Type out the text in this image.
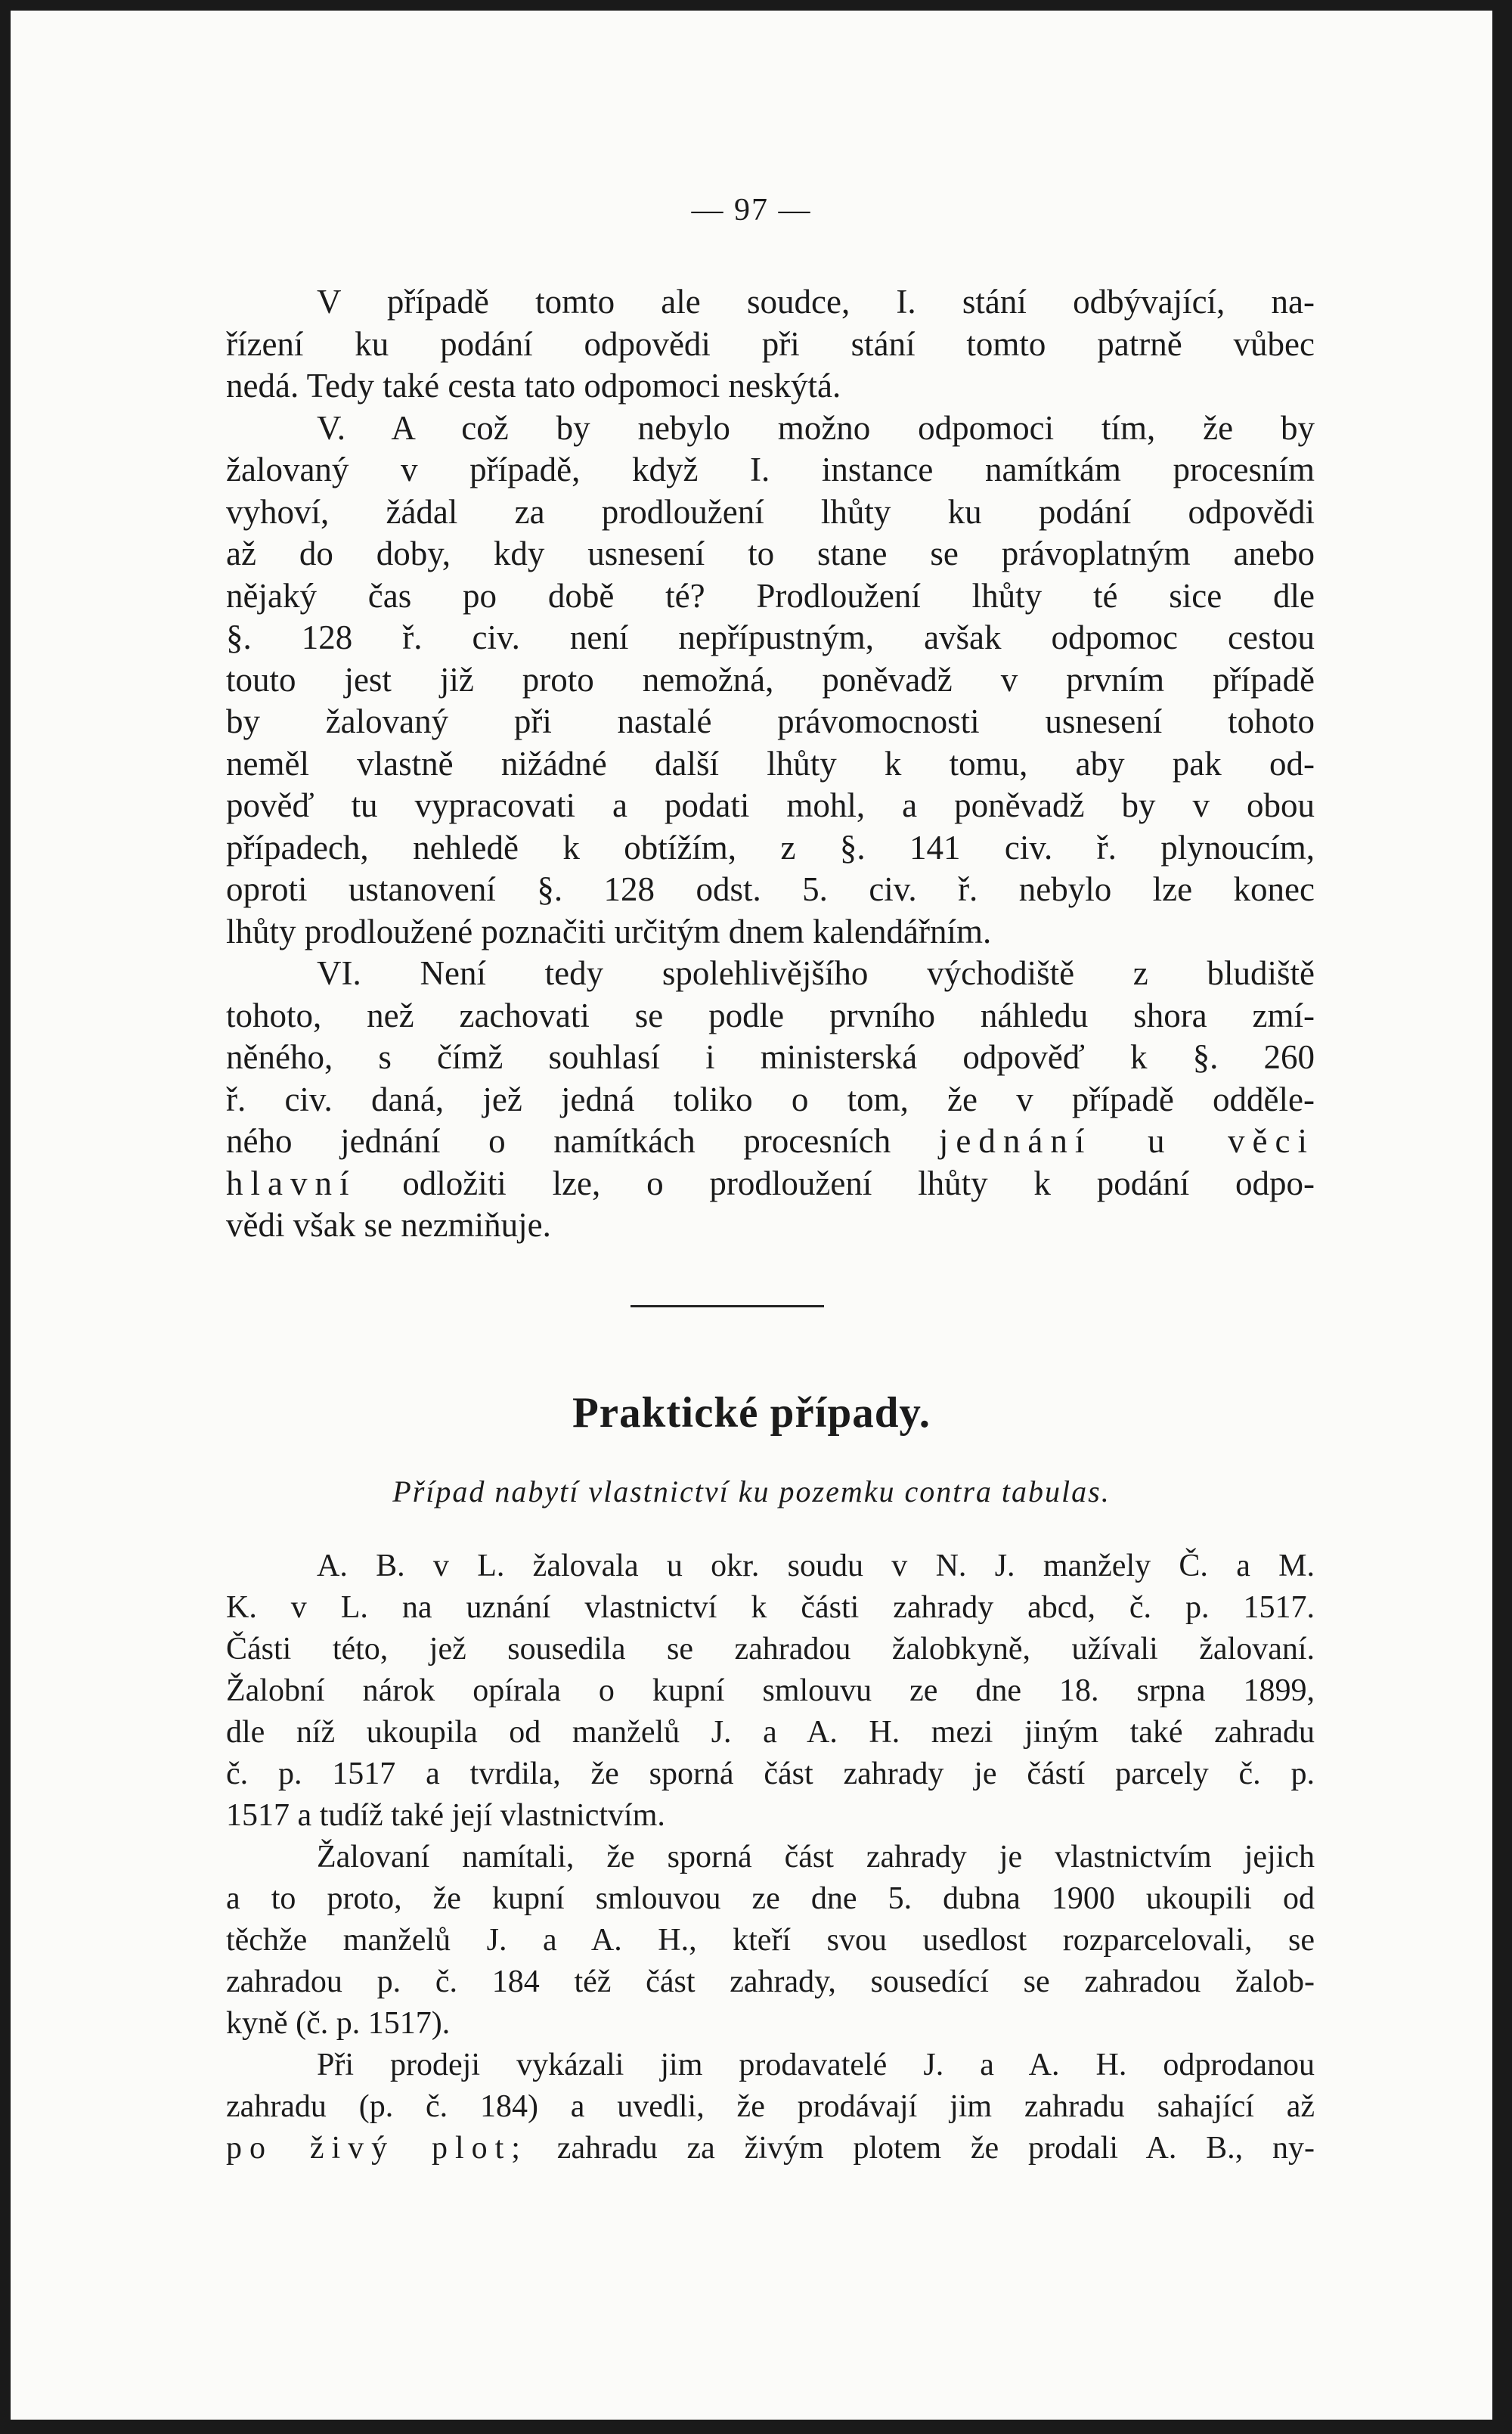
— 97 —
V případě tomto ale soudce, I. stání odbývající, na-
řízení ku podání odpovědi při stání tomto patrně vůbec
nedá. Tedy také cesta tato odpomoci neskýtá.
V. A což by nebylo možno odpomoci tím, že by
žalovaný v případě, když I. instance namítkám procesním
vyhoví, žádal za prodloužení lhůty ku podání odpovědi
až do doby, kdy usnesení to stane se právoplatným anebo
nějaký čas po době té? Prodloužení lhůty té sice dle
§. 128 ř. civ. není nepřípustným, avšak odpomoc cestou
touto jest již proto nemožná, poněvadž v prvním případě
by žalovaný při nastalé právomocnosti usnesení tohoto
neměl vlastně nižádné další lhůty k tomu, aby pak od-
pověď tu vypracovati a podati mohl, a poněvadž by v obou
případech, nehledě k obtížím, z §. 141 civ. ř. plynoucím,
oproti ustanovení §. 128 odst. 5. civ. ř. nebylo lze konec
lhůty prodloužené poznačiti určitým dnem kalendářním.
VI. Není tedy spolehlivějšího východiště z bludiště
tohoto, než zachovati se podle prvního náhledu shora zmí-
něného, s čímž souhlasí i ministerská odpověď k §. 260
ř. civ. daná, jež jedná toliko o tom, že v případě odděle-
ného jednání o namítkách procesních jednání u věci
hlavní odložiti lze, o prodloužení lhůty k podání odpo-
vědi však se nezmiňuje.
Praktické případy.
Případ nabytí vlastnictví ku pozemku contra tabulas.
A. B. v L. žalovala u okr. soudu v N. J. manžely Č. a M.
K. v L. na uznání vlastnictví k části zahrady abcd, č. p. 1517.
Části této, jež sousedila se zahradou žalobkyně, užívali žalovaní.
Žalobní nárok opírala o kupní smlouvu ze dne 18. srpna 1899,
dle níž ukoupila od manželů J. a A. H. mezi jiným také zahradu
č. p. 1517 a tvrdila, že sporná část zahrady je částí parcely č. p.
1517 a tudíž také její vlastnictvím.
Žalovaní namítali, že sporná část zahrady je vlastnictvím jejich
a to proto, že kupní smlouvou ze dne 5. dubna 1900 ukoupili od
těchže manželů J. a A. H., kteří svou usedlost rozparcelovali, se
zahradou p. č. 184 též část zahrady, sousedící se zahradou žalob-
kyně (č. p. 1517).
Při prodeji vykázali jim prodavatelé J. a A. H. odprodanou
zahradu (p. č. 184) a uvedli, že prodávají jim zahradu sahající až
po živý plot; zahradu za živým plotem že prodali A. B., ny-
